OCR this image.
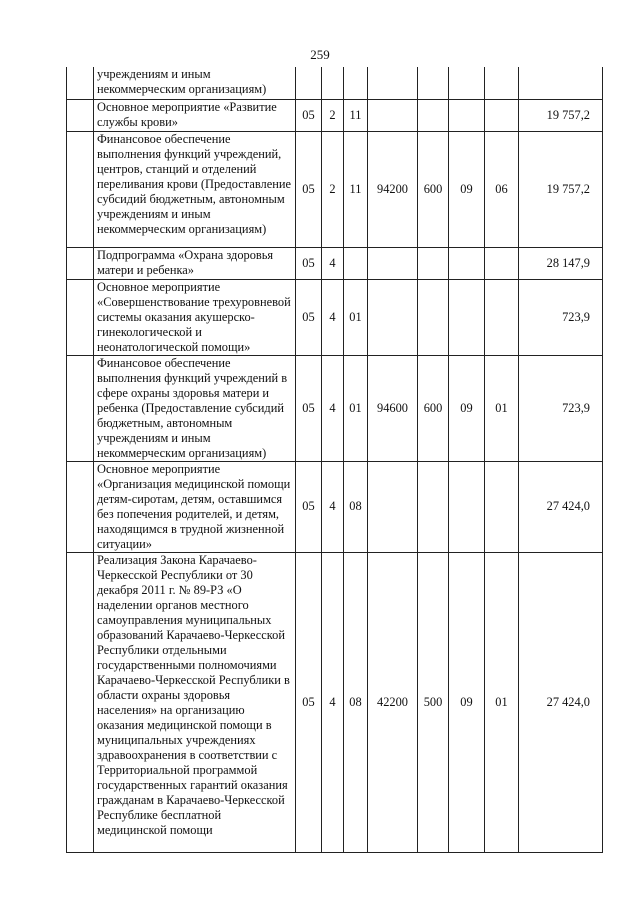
259
	учреждениям и иным некоммерческим организациям)								
	Основное мероприятие «Развитие службы крови»	05	2	11					19 757,2
	Финансовое обеспечение выполнения функций учреждений, центров, станций и отделений переливания крови (Предоставление субсидий бюджетным, автономным учреждениям и иным некоммерческим организациям)	05	2	11	94200	600	09	06	19 757,2
	Подпрограмма «Охрана здоровья матери и ребенка»	05	4						28 147,9
	Основное мероприятие «Совершенствование трехуровневой системы оказания акушерско-гинекологической и неонатологической помощи»	05	4	01					723,9
	Финансовое обеспечение выполнения функций учреждений в сфере охраны здоровья матери и ребенка (Предоставление субсидий бюджетным, автономным учреждениям и иным некоммерческим организациям)	05	4	01	94600	600	09	01	723,9
	Основное мероприятие «Организация медицинской помощи детям-сиротам, детям, оставшимся без попечения родителей, и детям, находящимся в трудной жизненной ситуации»	05	4	08					27 424,0
	Реализация Закона Карачаево-Черкесской Республики от 30 декабря 2011 г. № 89-РЗ «О наделении органов местного самоуправления муниципальных образований Карачаево-Черкесской Республики отдельными государственными полномочиями Карачаево-Черкесской Республики в области охраны здоровья населения» на организацию оказания медицинской помощи в муниципальных учреждениях здравоохранения в соответствии с Территориальной программой государственных гарантий оказания гражданам в Карачаево-Черкесской Республике бесплатной медицинской помощи	05	4	08	42200	500	09	01	27 424,0
